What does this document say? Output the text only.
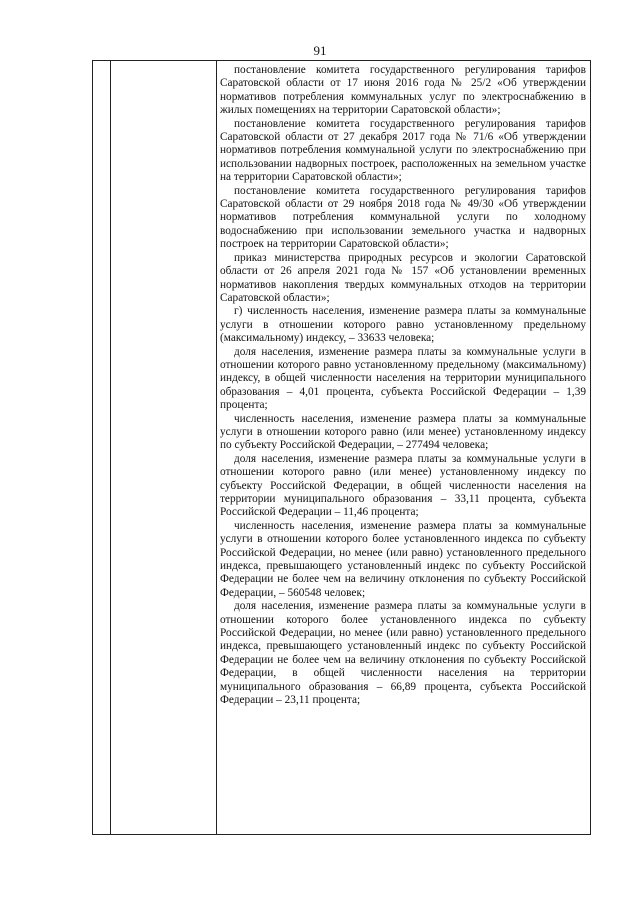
91

постановление комитета государственного регулирования тарифов Саратовской области от 17 июня 2016 года № 25/2 «Об утверждении нормативов потребления коммунальных услуг по электроснабжению в жилых помещениях на территории Саратовской области»;

постановление комитета государственного регулирования тарифов Саратовской области от 27 декабря 2017 года № 71/6 «Об утверждении нормативов потребления коммунальной услуги по электроснабжению при использовании надворных построек, расположенных на земельном участке на территории Саратовской области»;

постановление комитета государственного регулирования тарифов Саратовской области от 29 ноября 2018 года № 49/30 «Об утверждении нормативов потребления коммунальной услуги по холодному водоснабжению при использовании земельного участка и надворных построек на территории Саратовской области»;

приказ министерства природных ресурсов и экологии Саратовской области от 26 апреля 2021 года № 157 «Об установлении временных нормативов накопления твердых коммунальных отходов на территории Саратовской области»;

г) численность населения, изменение размера платы за коммунальные услуги в отношении которого равно установленному предельному (максимальному) индексу, – 33633 человека;

доля населения, изменение размера платы за коммунальные услуги в отношении которого равно установленному предельному (максимальному) индексу, в общей численности населения на территории муниципального образования – 4,01 процента, субъекта Российской Федерации – 1,39 процента;

численность населения, изменение размера платы за коммунальные услуги в отношении которого равно (или менее) установленному индексу по субъекту Российской Федерации, – 277494 человека;

доля населения, изменение размера платы за коммунальные услуги в отношении которого равно (или менее) установленному индексу по субъекту Российской Федерации, в общей численности населения на территории муниципального образования – 33,11 процента, субъекта Российской Федерации – 11,46 процента;

численность населения, изменение размера платы за коммунальные услуги в отношении которого более установленного индекса по субъекту Российской Федерации, но менее (или равно) установленного предельного индекса, превышающего установленный индекс по субъекту Российской Федерации не более чем на величину отклонения по субъекту Российской Федерации, – 560548 человек;

доля населения, изменение размера платы за коммунальные услуги в отношении которого более установленного индекса по субъекту Российской Федерации, но менее (или равно) установленного предельного индекса, превышающего установленный индекс по субъекту Российской Федерации не более чем на величину отклонения по субъекту Российской Федерации, в общей численности населения на территории муниципального образования – 66,89 процента, субъекта Российской Федерации – 23,11 процента;
